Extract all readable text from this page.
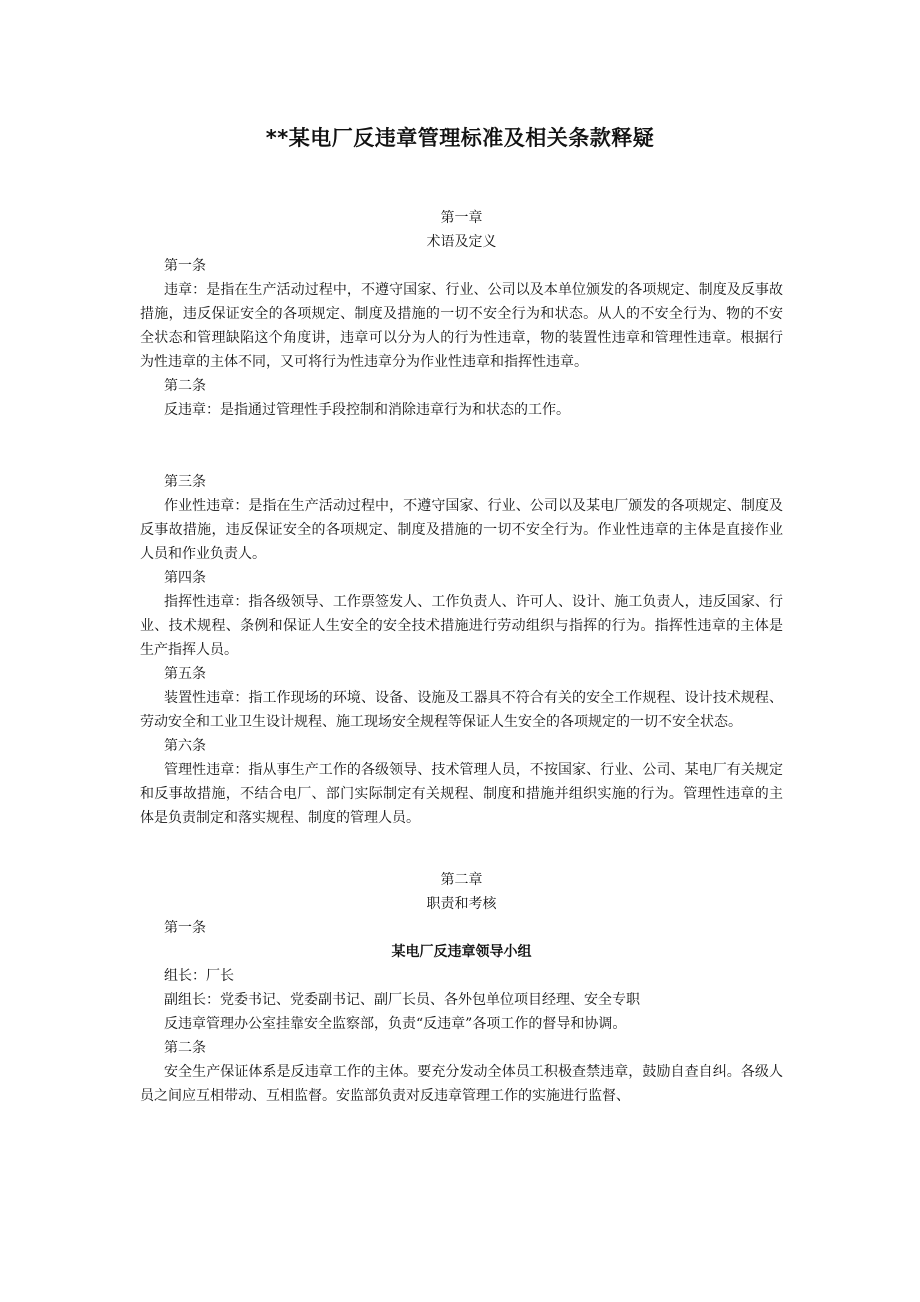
**某电厂反违章管理标准及相关条款释疑
第一章
术语及定义
第一条
违章：是指在生产活动过程中，不遵守国家、行业、公司以及本单位颁发的各项规定、制度及反事故措施，违反保证安全的各项规定、制度及措施的一切不安全行为和状态。从人的不安全行为、物的不安全状态和管理缺陷这个角度讲，违章可以分为人的行为性违章，物的装置性违章和管理性违章。根据行为性违章的主体不同，又可将行为性违章分为作业性违章和指挥性违章。
第二条
反违章：是指通过管理性手段控制和消除违章行为和状态的工作。
第三条
作业性违章：是指在生产活动过程中，不遵守国家、行业、公司以及某电厂颁发的各项规定、制度及反事故措施，违反保证安全的各项规定、制度及措施的一切不安全行为。作业性违章的主体是直接作业人员和作业负责人。
第四条
指挥性违章：指各级领导、工作票签发人、工作负责人、许可人、设计、施工负责人，违反国家、行业、技术规程、条例和保证人生安全的安全技术措施进行劳动组织与指挥的行为。指挥性违章的主体是生产指挥人员。
第五条
装置性违章：指工作现场的环境、设备、设施及工器具不符合有关的安全工作规程、设计技术规程、劳动安全和工业卫生设计规程、施工现场安全规程等保证人生安全的各项规定的一切不安全状态。
第六条
管理性违章：指从事生产工作的各级领导、技术管理人员，不按国家、行业、公司、某电厂有关规定和反事故措施，不结合电厂、部门实际制定有关规程、制度和措施并组织实施的行为。管理性违章的主体是负责制定和落实规程、制度的管理人员。
第二章
职责和考核
第一条
某电厂反违章领导小组
组长：厂长
副组长：党委书记、党委副书记、副厂长员、各外包单位项目经理、安全专职
反违章管理办公室挂靠安全监察部，负责“反违章”各项工作的督导和协调。
第二条
安全生产保证体系是反违章工作的主体。要充分发动全体员工积极查禁违章，鼓励自查自纠。各级人员之间应互相带动、互相监督。安监部负责对反违章管理工作的实施进行监督、
